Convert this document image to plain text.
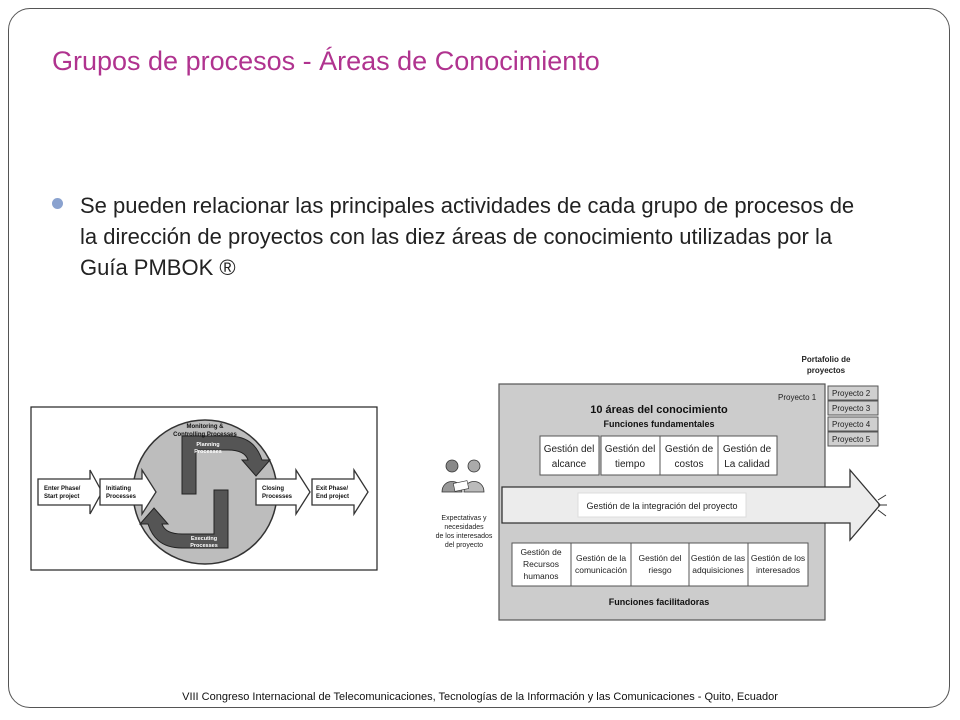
Grupos de procesos - Áreas de Conocimiento
Se pueden relacionar las principales actividades de cada grupo de procesos de la dirección de proyectos con las diez áreas de conocimiento utilizadas por la Guía PMBOK ®
Enter Phase/ Start project
Initiating Processes
Monitoring & Controlling Processes
Planning Processes
Executing Processes
Closing Processes
Exit Phase/ End project
Portafolio de proyectos
Proyecto 2
Proyecto 3
Proyecto 4
Proyecto 5
Proyecto 1
10 áreas del conocimiento
Funciones fundamentales
Gestión del alcance
Gestión del tiempo
Gestión de costos
Gestión de La calidad
Gestión de la integración del proyecto
Gestión de Recursos humanos
Gestión de la comunicación
Gestión del riesgo
Gestión de las adquisiciones
Gestión de los interesados
Funciones facilitadoras
Expectativas y necesidades de los interesados del proyecto
VIII Congreso Internacional de Telecomunicaciones, Tecnologías de la Información y las Comunicaciones - Quito, Ecuador
